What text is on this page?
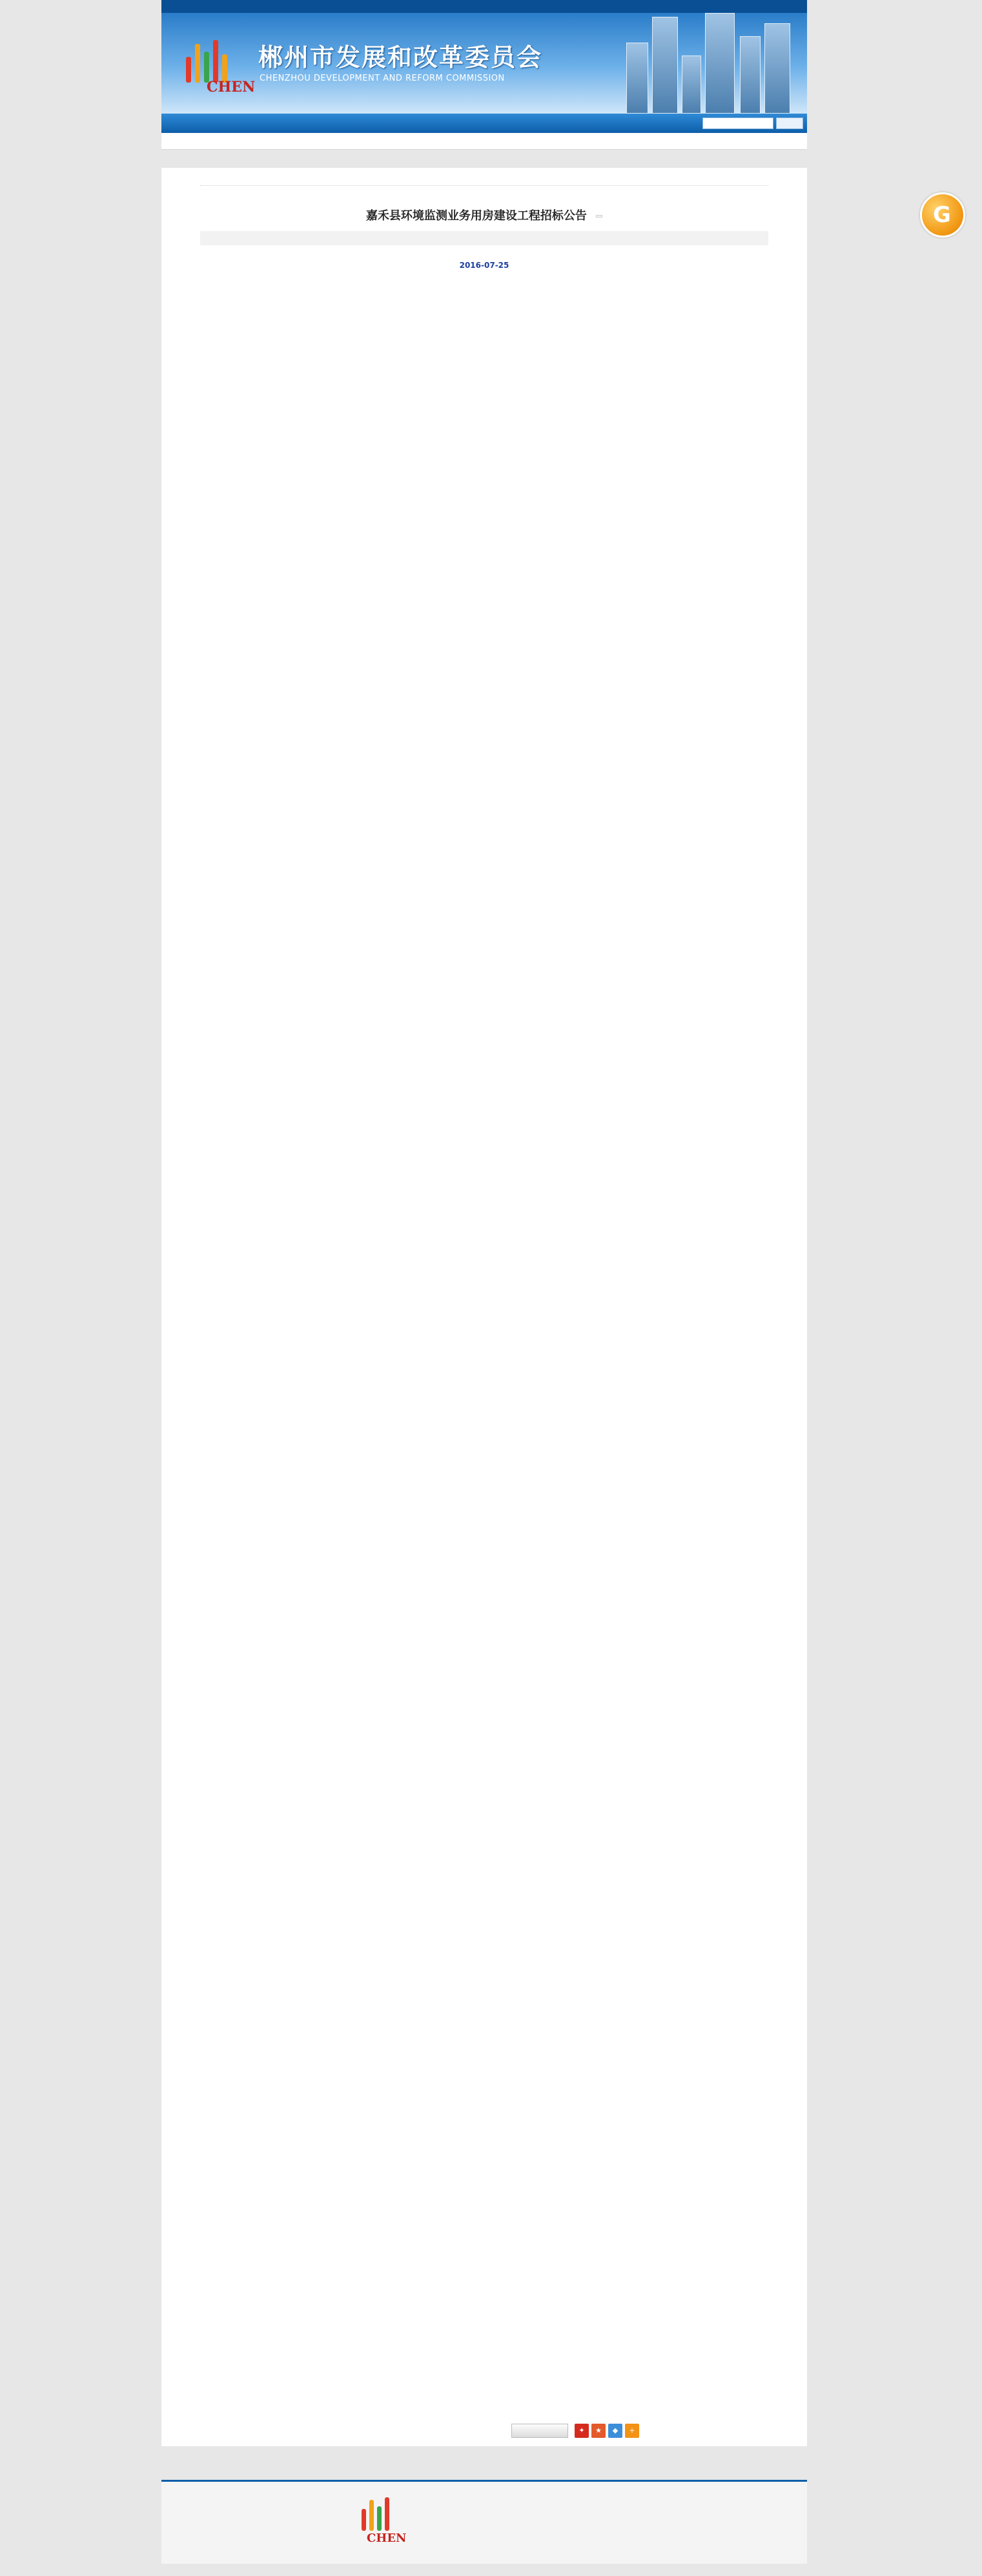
CHEN
郴州市发展和改革委员会
CHENZHOU DEVELOPMENT AND REFORM COMMISSION
嘉禾县环境监测业务用房建设工程招标公告
2016-07-25
✦	★	◆	+
CHEN
G
